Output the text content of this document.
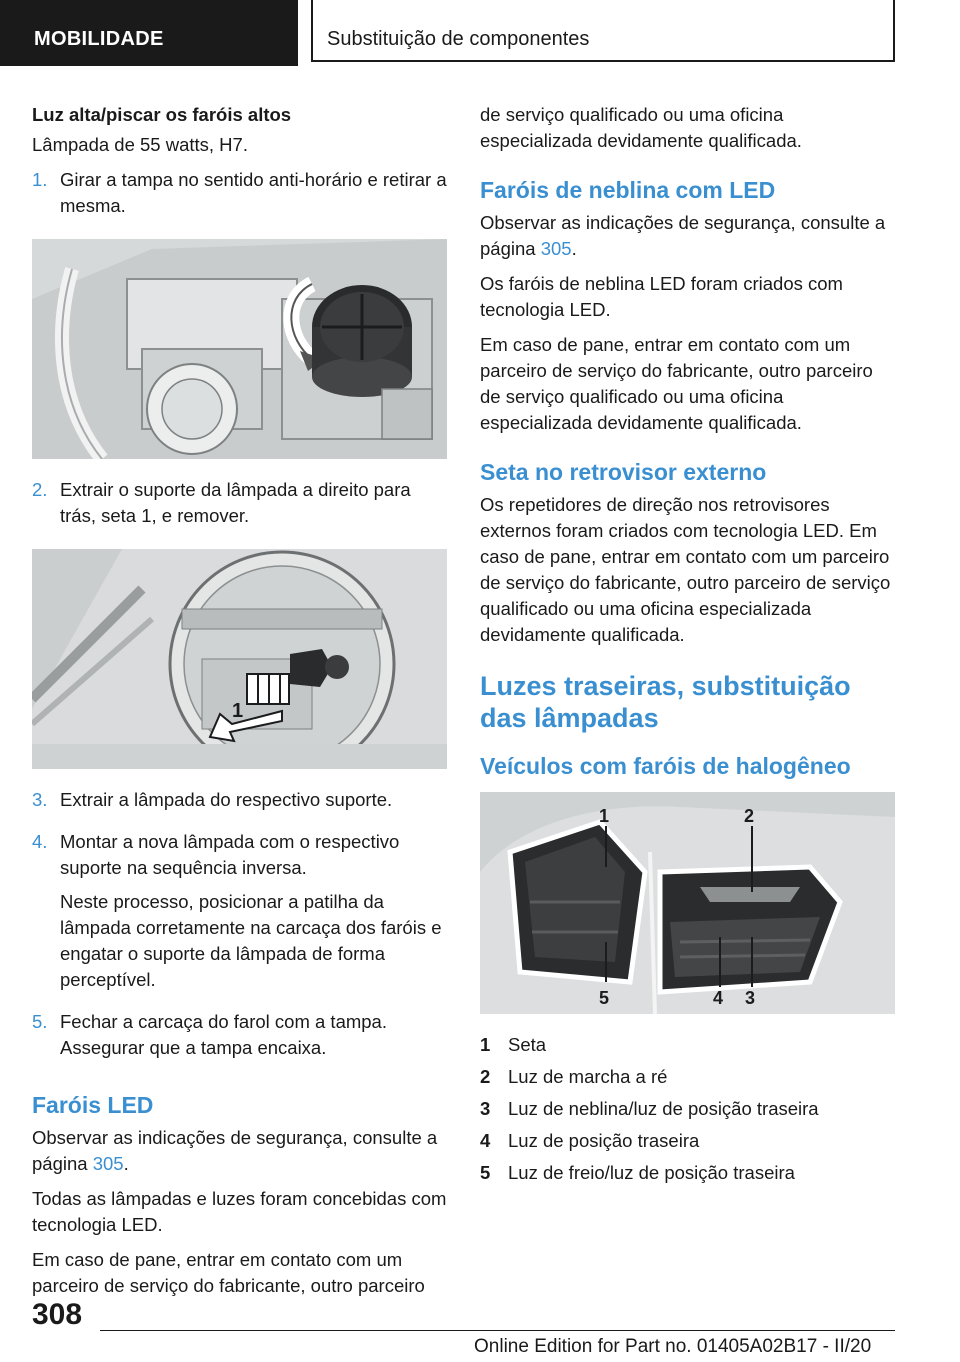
MOBILIDADE	Substituição de componentes
Luz alta/piscar os faróis altos

Lâmpada de 55 watts, H7.

1. Girar a tampa no sentido anti-horário e retirar a mesma.

2. Extrair o suporte da lâmpada a direito para trás, seta 1, e remover.

1
3. Extrair a lâmpada do respectivo suporte.

4. Montar a nova lâmpada com o respectivo suporte na sequência inversa.

Neste processo, posicionar a patilha da lâmpada corretamente na carcaça dos faróis e engatar o suporte da lâmpada de forma perceptível.

5. Fechar a carcaça do farol com a tampa. Assegurar que a tampa encaixa.

Faróis LED

Observar as indicações de segurança, consulte a página 305.

Todas as lâmpadas e luzes foram concebidas com tecnologia LED.

Em caso de pane, entrar em contato com um parceiro de serviço do fabricante, outro parceiro

de serviço qualificado ou uma oficina especializada devidamente qualificada.

Faróis de neblina com LED

Observar as indicações de segurança, consulte a página 305.

Os faróis de neblina LED foram criados com tecnologia LED.

Em caso de pane, entrar em contato com um parceiro de serviço do fabricante, outro parceiro de serviço qualificado ou uma oficina especializada devidamente qualificada.

Seta no retrovisor externo

Os repetidores de direção nos retrovisores externos foram criados com tecnologia LED. Em caso de pane, entrar em contato com um parceiro de serviço do fabricante, outro parceiro de serviço qualificado ou uma oficina especializada devidamente qualificada.

Luzes traseiras, substituição das lâmpadas
Veículos com faróis de halogêneo
1	2
3
4
5
1 Seta
2 Luz de marcha a ré
3 Luz de neblina/luz de posição traseira
4 Luz de posição traseira
5 Luz de freio/luz de posição traseira
308
Online Edition for Part no. 01405A02B17 - II/20
